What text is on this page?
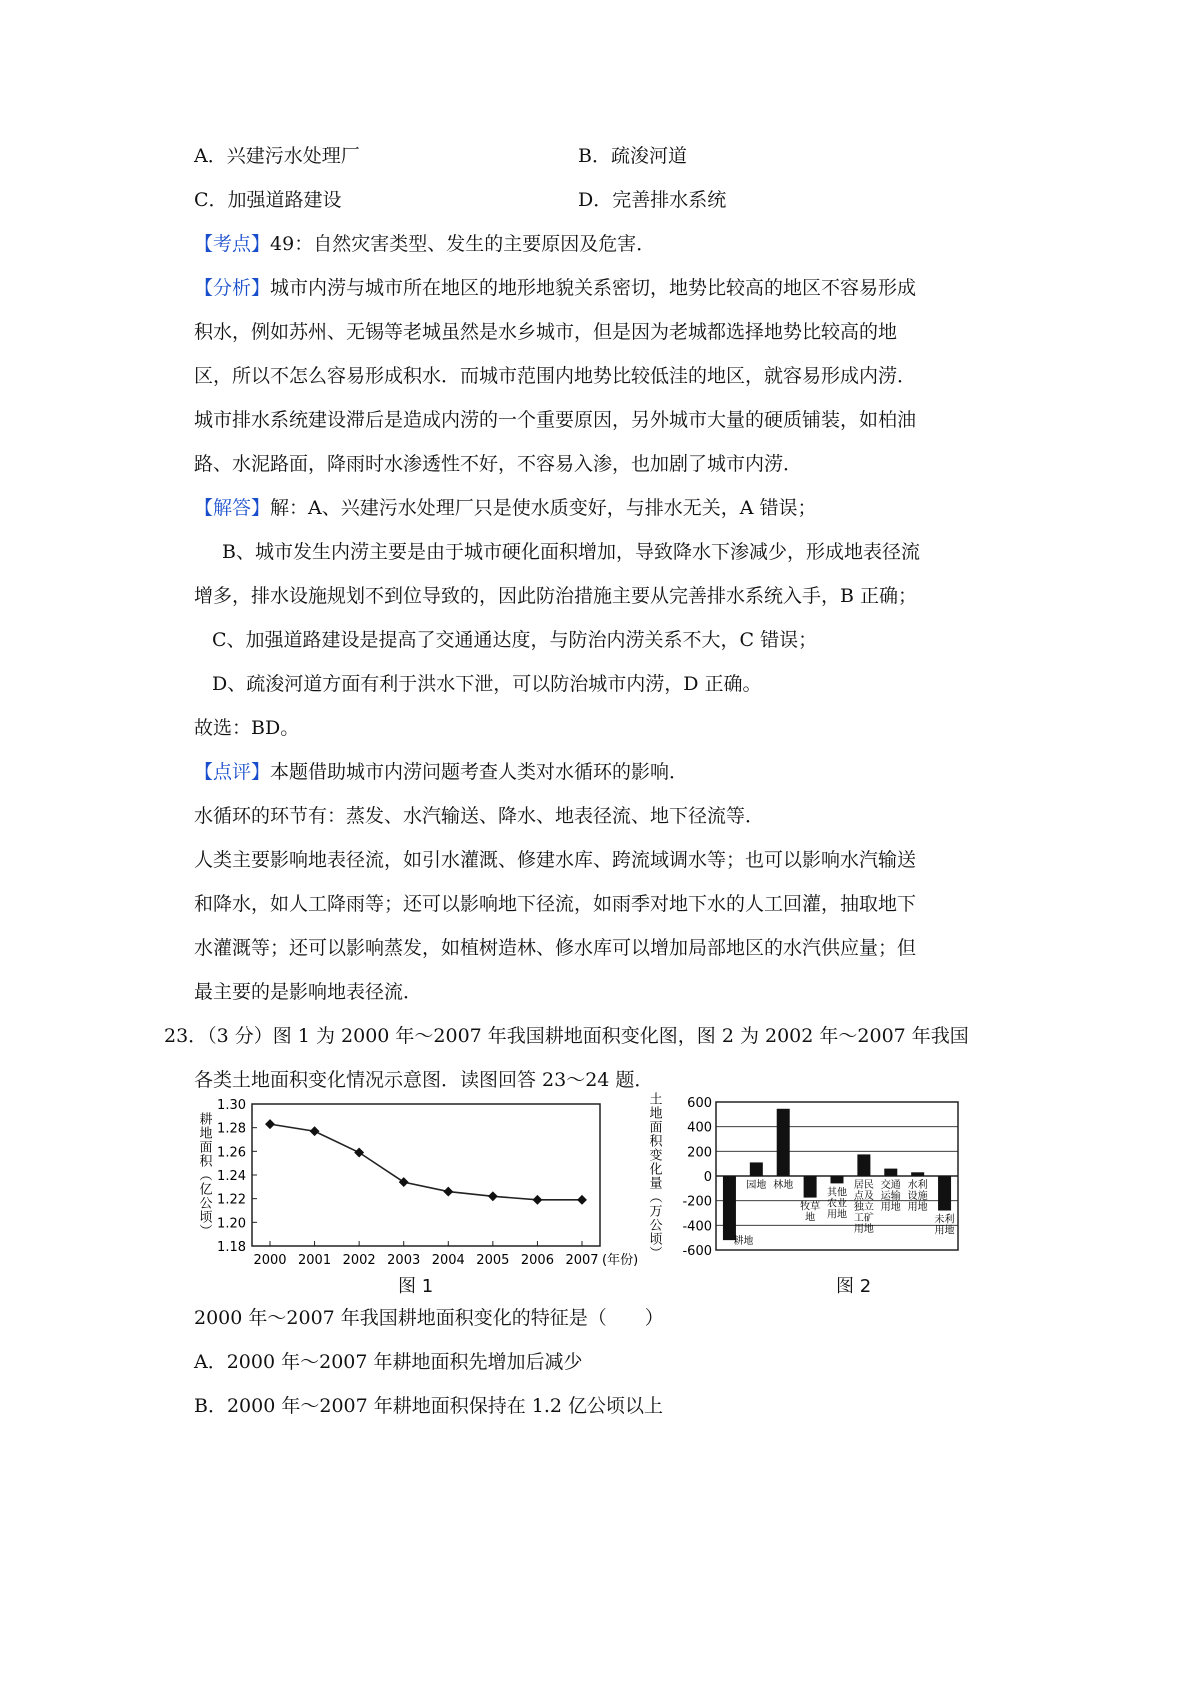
A．兴建污水处理厂	B．疏浚河道
C．加强道路建设	D．完善排水系统
【考点】49：自然灾害类型、发生的主要原因及危害．
【分析】城市内涝与城市所在地区的地形地貌关系密切，地势比较高的地区不容易形成
积水，例如苏州、无锡等老城虽然是水乡城市，但是因为老城都选择地势比较高的地
区，所以不怎么容易形成积水．而城市范围内地势比较低洼的地区，就容易形成内涝．
城市排水系统建设滞后是造成内涝的一个重要原因，另外城市大量的硬质铺装，如柏油
路、水泥路面，降雨时水渗透性不好，不容易入渗，也加剧了城市内涝．
【解答】解：A、兴建污水处理厂只是使水质变好，与排水无关，A 错误；
B、城市发生内涝主要是由于城市硬化面积增加，导致降水下渗减少，形成地表径流
增多，排水设施规划不到位导致的，因此防治措施主要从完善排水系统入手，B 正确；
C、加强道路建设是提高了交通通达度，与防治内涝关系不大，C 错误；
D、疏浚河道方面有利于洪水下泄，可以防治城市内涝，D 正确。
故选：BD。
【点评】本题借助城市内涝问题考查人类对水循环的影响．
水循环的环节有：蒸发、水汽输送、降水、地表径流、地下径流等．
人类主要影响地表径流，如引水灌溉、修建水库、跨流域调水等；也可以影响水汽输送
和降水，如人工降雨等；还可以影响地下径流，如雨季对地下水的人工回灌，抽取地下
水灌溉等；还可以影响蒸发，如植树造林、修水库可以增加局部地区的水汽供应量；但
最主要的是影响地表径流．
23．（3 分）图 1 为 2000 年～2007 年我国耕地面积变化图，图 2 为 2002 年～2007 年我国
各类土地面积变化情况示意图．读图回答 23～24 题．
1.18
1.20
1.22
1.24
1.26
1.28
1.30
2000 2001 2002 2003 2004 2005 2006 2007 (年份)
耕地面积（亿公顷）
图 1
-600
-400
-200
0
200
400
600
土地面积变化量（万公顷）	耕地
园地 林地
牧草地
其他农业用地
居民点及独立工矿用地
交通运输用地
水利设施用地
未利用地
图 2
2000 年～2007 年我国耕地面积变化的特征是（　　）
A．2000 年～2007 年耕地面积先增加后减少
B．2000 年～2007 年耕地面积保持在 1.2 亿公顷以上
